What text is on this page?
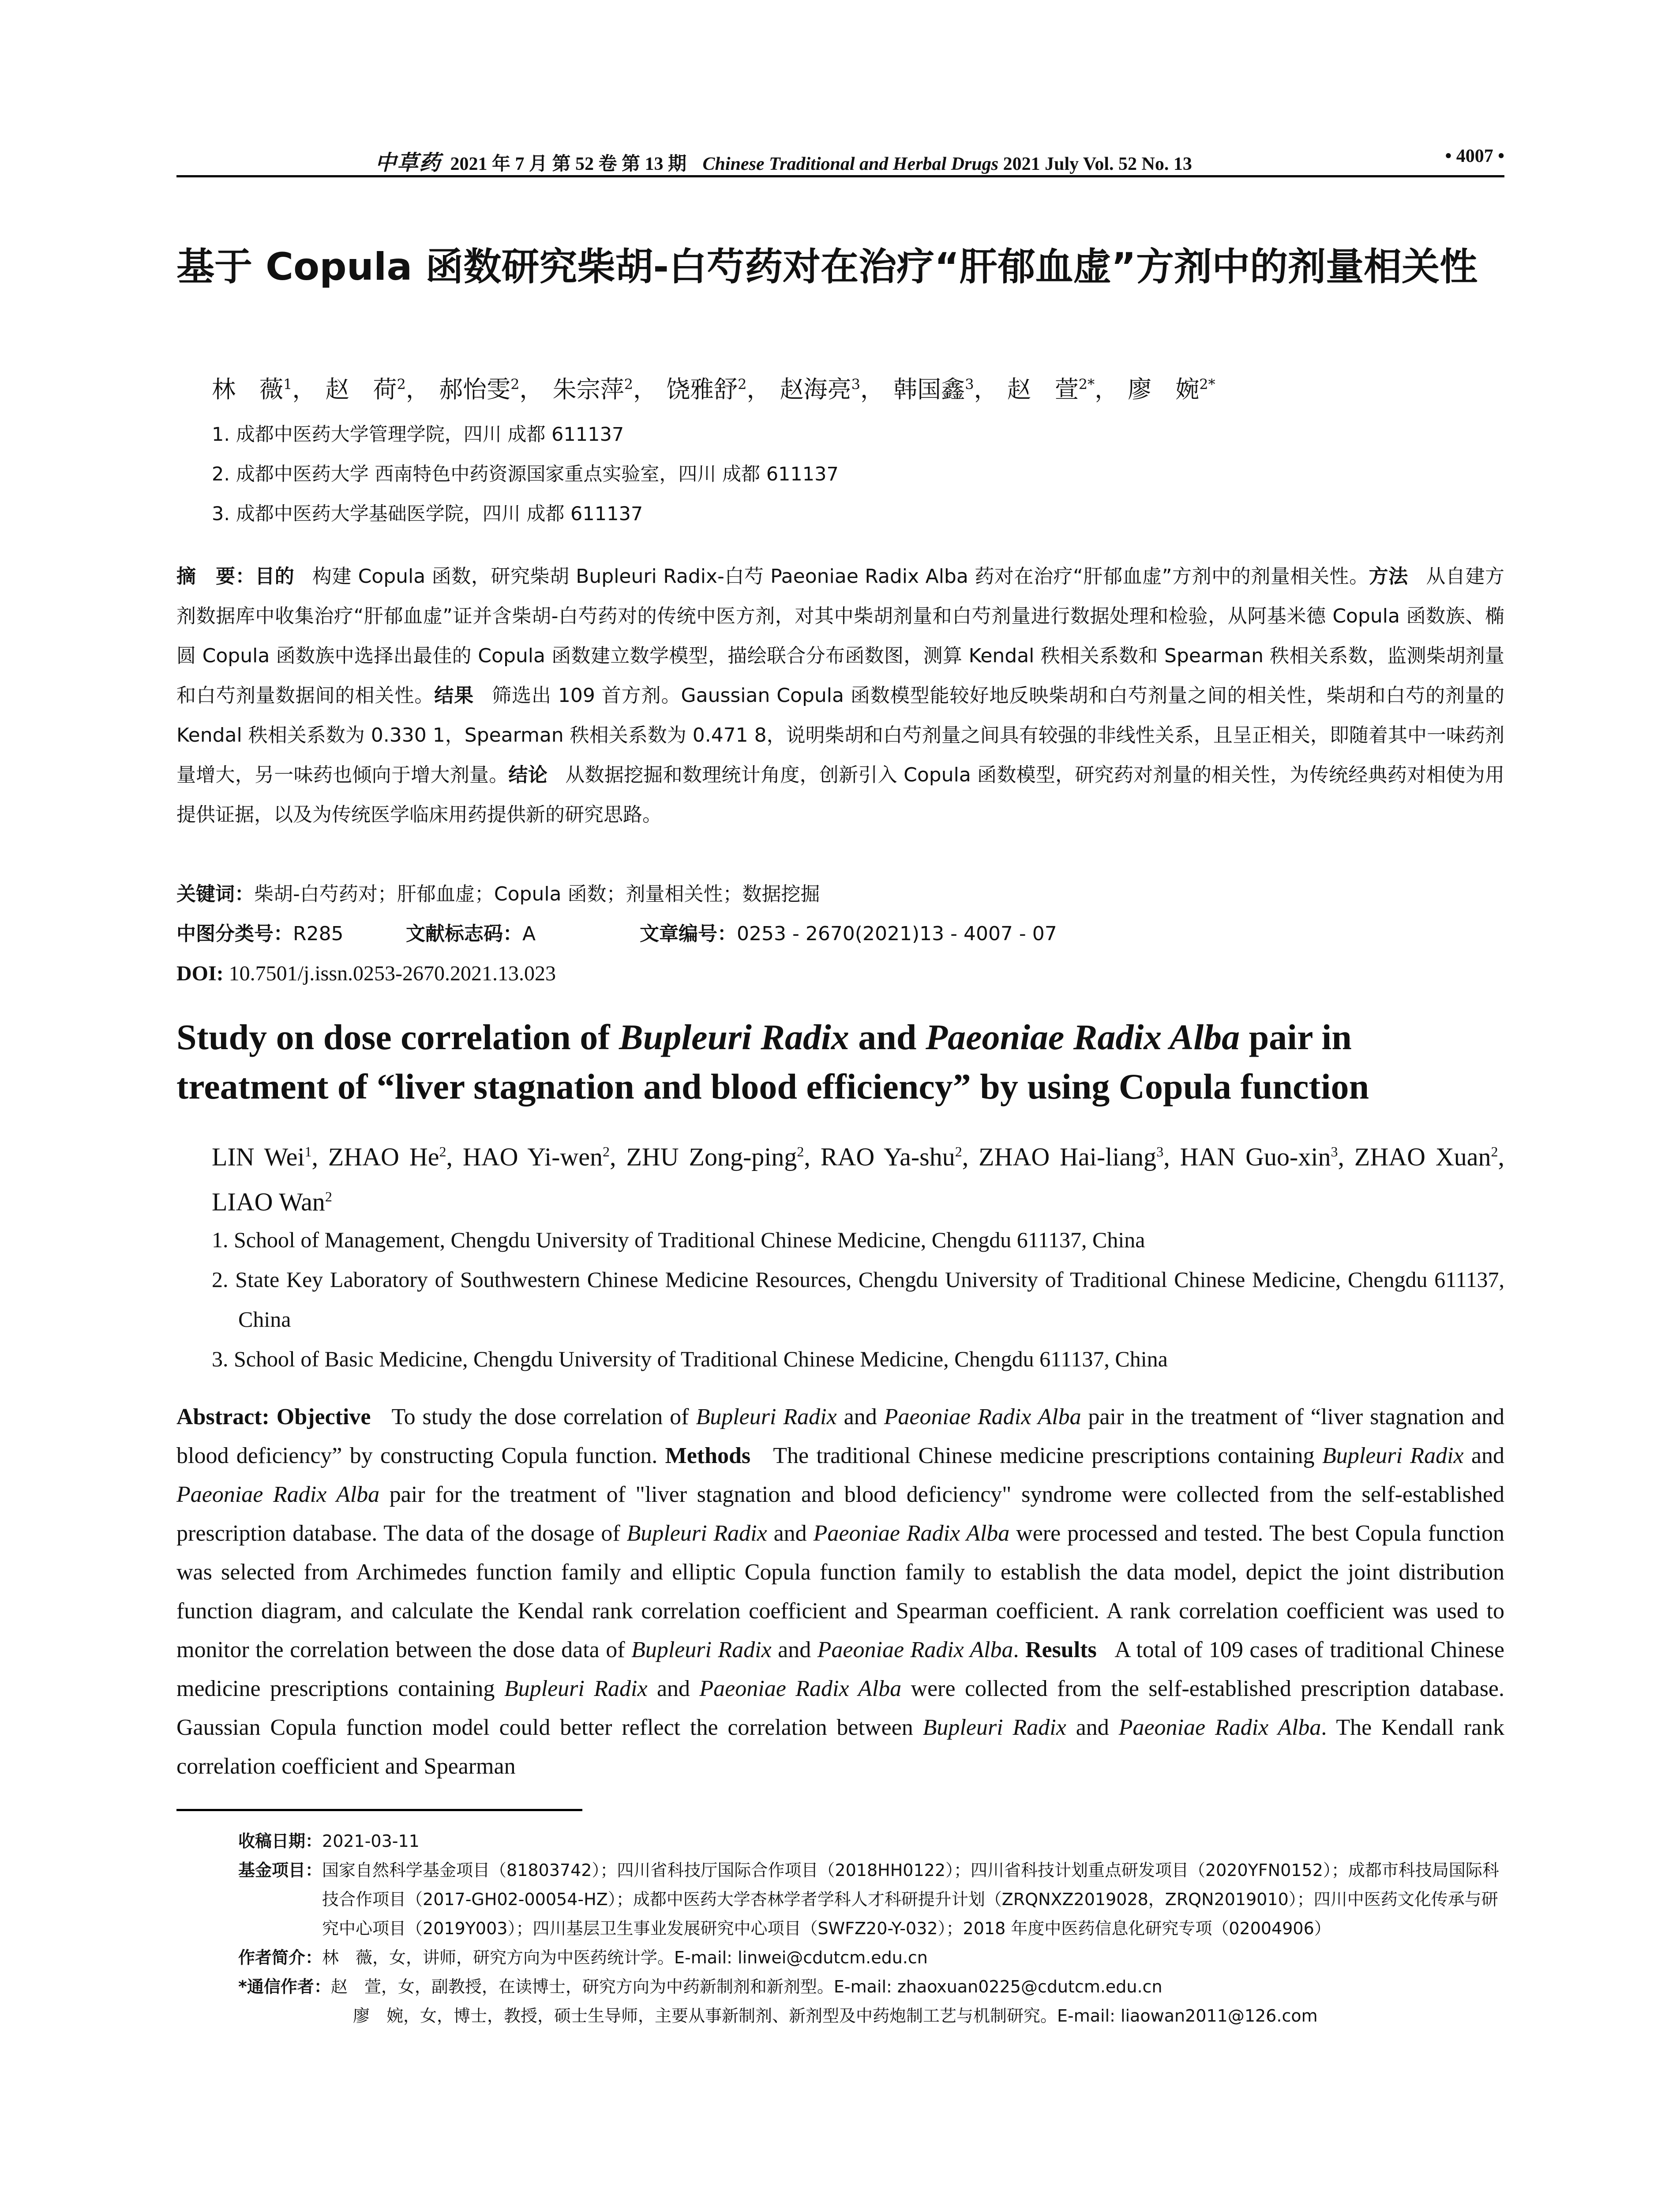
中草药 2021 年 7 月 第 52 卷 第 13 期 Chinese Traditional and Herbal Drugs 2021 July Vol. 52 No. 13	• 4007 •
基于 Copula 函数研究柴胡-白芍药对在治疗“肝郁血虚”方剂中的剂量相关性

林　薇$^1$， 赵　荷$^2$， 郝怡雯$^2$， 朱宗萍$^2$， 饶雅舒$^2$， 赵海亮$^3$， 韩国鑫$^3$， 赵　萱$^{2*}$， 廖　婉$^{2*}$

1. 成都中医药大学管理学院，四川 成都 611137

2. 成都中医药大学 西南特色中药资源国家重点实验室，四川 成都 611137

3. 成都中医药大学基础医学院，四川 成都 611137

摘　要：目的 构建 Copula 函数，研究柴胡 Bupleuri Radix-白芍 Paeoniae Radix Alba 药对在治疗“肝郁血虚”方剂中的剂量相关性。方法 从自建方剂数据库中收集治疗“肝郁血虚”证并含柴胡-白芍药对的传统中医方剂，对其中柴胡剂量和白芍剂量进行数据处理和检验，从阿基米德 Copula 函数族、椭圆 Copula 函数族中选择出最佳的 Copula 函数建立数学模型，描绘联合分布函数图，测算 Kendal 秩相关系数和 Spearman 秩相关系数，监测柴胡剂量和白芍剂量数据间的相关性。结果 筛选出 109 首方剂。Gaussian Copula 函数模型能较好地反映柴胡和白芍剂量之间的相关性，柴胡和白芍的剂量的 Kendal 秩相关系数为 0.330 1，Spearman 秩相关系数为 0.471 8，说明柴胡和白芍剂量之间具有较强的非线性关系，且呈正相关，即随着其中一味药剂量增大，另一味药也倾向于增大剂量。结论 从数据挖掘和数理统计角度，创新引入 Copula 函数模型，研究药对剂量的相关性，为传统经典药对相使为用提供证据，以及为传统医学临床用药提供新的研究思路。

关键词：柴胡-白芍药对；肝郁血虚；Copula 函数；剂量相关性；数据挖掘

中图分类号：R285	文献标志码：A	文章编号：0253 - 2670(2021)13 - 4007 - 07

DOI: 10.7501/j.issn.0253-2670.2021.13.023

Study on dose correlation of Bupleuri Radix and Paeoniae Radix Alba pair in treatment of “liver stagnation and blood efficiency” by using Copula function

LIN Wei$^1$, ZHAO He$^2$, HAO Yi-wen$^2$, ZHU Zong-ping$^2$, RAO Ya-shu$^2$, ZHAO Hai-liang$^3$, HAN Guo-xin$^3$, ZHAO Xuan$^2$, LIAO Wan$^2$

1. School of Management, Chengdu University of Traditional Chinese Medicine, Chengdu 611137, China

2. State Key Laboratory of Southwestern Chinese Medicine Resources, Chengdu University of Traditional Chinese Medicine, Chengdu 611137, China

3. School of Basic Medicine, Chengdu University of Traditional Chinese Medicine, Chengdu 611137, China

Abstract: Objective To study the dose correlation of Bupleuri Radix and Paeoniae Radix Alba pair in the treatment of “liver stagnation and blood deficiency” by constructing Copula function. Methods The traditional Chinese medicine prescriptions containing Bupleuri Radix and Paeoniae Radix Alba pair for the treatment of "liver stagnation and blood deficiency" syndrome were collected from the self-established prescription database. The data of the dosage of Bupleuri Radix and Paeoniae Radix Alba were processed and tested. The best Copula function was selected from Archimedes function family and elliptic Copula function family to establish the data model, depict the joint distribution function diagram, and calculate the Kendal rank correlation coefficient and Spearman coefficient. A rank correlation coefficient was used to monitor the correlation between the dose data of Bupleuri Radix and Paeoniae Radix Alba. Results A total of 109 cases of traditional Chinese medicine prescriptions containing Bupleuri Radix and Paeoniae Radix Alba were collected from the self-established prescription database. Gaussian Copula function model could better reflect the correlation between Bupleuri Radix and Paeoniae Radix Alba. The Kendall rank correlation coefficient and Spearman

收稿日期： 2021-03-11
基金项目： 国家自然科学基金项目（81803742）；四川省科技厅国际合作项目（2018HH0122）；四川省科技计划重点研发项目（2020YFN0152）；成都市科技局国际科技合作项目（2017-GH02-00054-HZ）；成都中医药大学杏林学者学科人才科研提升计划（ZRQNXZ2019028，ZRQN2019010）；四川中医药文化传承与研究中心项目（2019Y003）；四川基层卫生事业发展研究中心项目（SWFZ20-Y-032）；2018 年度中医药信息化研究专项（02004906）
作者简介： 林　薇，女，讲师，研究方向为中医药统计学。E-mail: linwei@cdutcm.edu.cn
*通信作者： 赵　萱，女，副教授，在读博士，研究方向为中药新制剂和新剂型。E-mail: zhaoxuan0225@cdutcm.edu.cn
廖　婉，女，博士，教授，硕士生导师，主要从事新制剂、新剂型及中药炮制工艺与机制研究。E-mail: liaowan2011@126.com
